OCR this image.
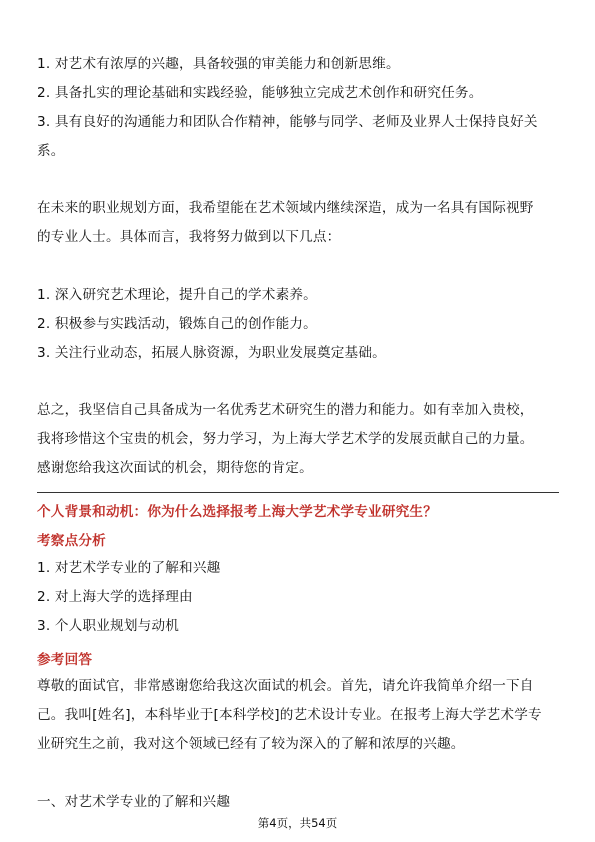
1. 对艺术有浓厚的兴趣，具备较强的审美能力和创新思维。
2. 具备扎实的理论基础和实践经验，能够独立完成艺术创作和研究任务。
3. 具有良好的沟通能力和团队合作精神，能够与同学、老师及业界人士保持良好关
系。
在未来的职业规划方面，我希望能在艺术领域内继续深造，成为一名具有国际视野
的专业人士。具体而言，我将努力做到以下几点：
1. 深入研究艺术理论，提升自己的学术素养。
2. 积极参与实践活动，锻炼自己的创作能力。
3. 关注行业动态，拓展人脉资源，为职业发展奠定基础。
总之，我坚信自己具备成为一名优秀艺术研究生的潜力和能力。如有幸加入贵校，
我将珍惜这个宝贵的机会，努力学习，为上海大学艺术学的发展贡献自己的力量。
感谢您给我这次面试的机会，期待您的肯定。
个人背景和动机：你为什么选择报考上海大学艺术学专业研究生？
考察点分析
1. 对艺术学专业的了解和兴趣
2. 对上海大学的选择理由
3. 个人职业规划与动机
参考回答
尊敬的面试官，非常感谢您给我这次面试的机会。首先，请允许我简单介绍一下自
己。我叫[姓名]，本科毕业于[本科学校]的艺术设计专业。在报考上海大学艺术学专
业研究生之前，我对这个领域已经有了较为深入的了解和浓厚的兴趣。
一、对艺术学专业的了解和兴趣
第4页，共54页
